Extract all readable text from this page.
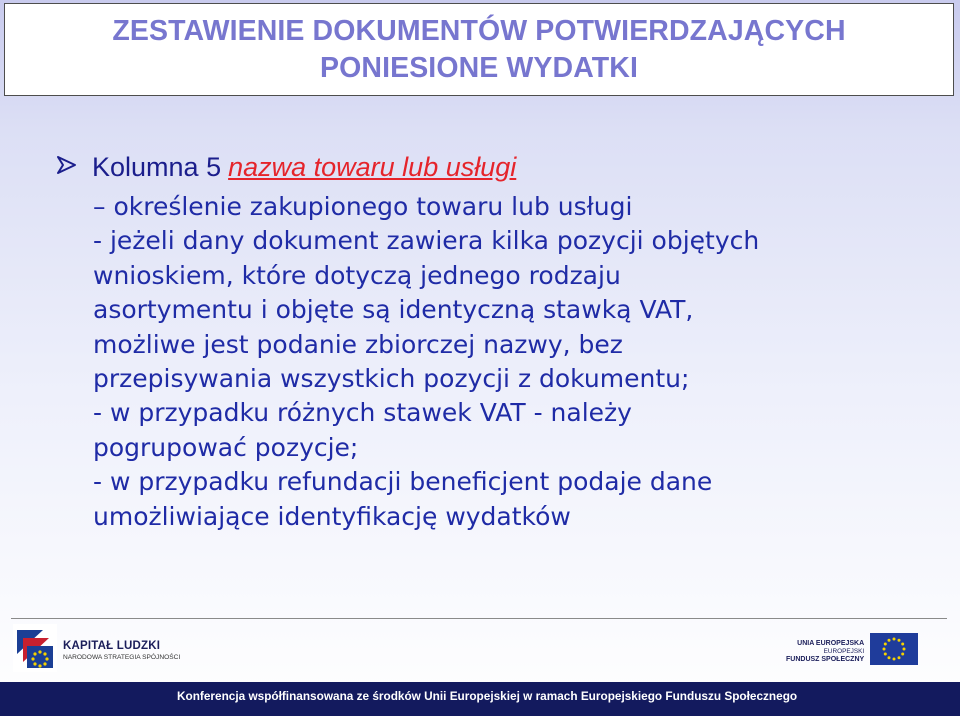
ZESTAWIENIE DOKUMENTÓW POTWIERDZAJĄCYCH
PONIESIONE WYDATKI
Kolumna 5 nazwa towaru lub usługi
– określenie zakupionego towaru lub usługi
- jeżeli dany dokument zawiera kilka pozycji objętych
wnioskiem, które dotyczą jednego rodzaju
asortymentu i objęte są identyczną stawką VAT,
możliwe jest podanie zbiorczej nazwy, bez
przepisywania wszystkich pozycji z dokumentu;
- w przypadku różnych stawek VAT - należy
pogrupować pozycje;
- w przypadku refundacji beneficjent podaje dane
umożliwiające identyfikację wydatków
KAPITAŁ LUDZKI
NARODOWA STRATEGIA SPÓJNOŚCI
UNIA EUROPEJSKA
EUROPEJSKI
FUNDUSZ SPOŁECZNY
Konferencja współfinansowana ze środków Unii Europejskiej w ramach Europejskiego Funduszu Społecznego
